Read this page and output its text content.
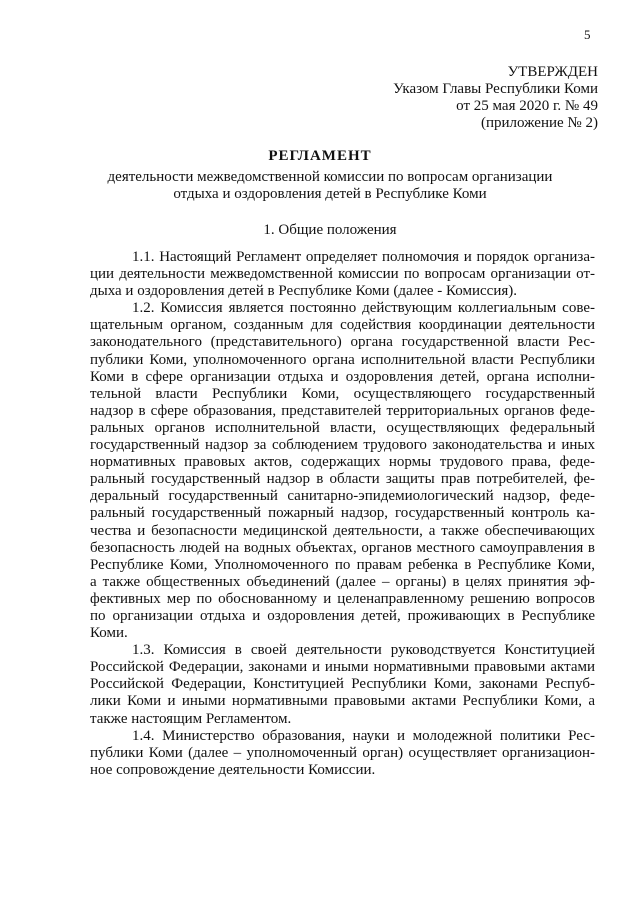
5
УТВЕРЖДЕН
Указом Главы Республики Коми
от 25 мая 2020 г. № 49
(приложение № 2)
РЕГЛАМЕНТ
деятельности межведомственной комиссии по вопросам организации
отдыха и оздоровления детей в Республике Коми
1. Общие положения
1.1. Настоящий Регламент определяет полномочия и порядок организа-
ции деятельности межведомственной комиссии по вопросам организации от-
дыха и оздоровления детей в Республике Коми (далее - Комиссия).
1.2. Комиссия является постоянно действующим коллегиальным сове-
щательным органом, созданным для содействия координации деятельности
законодательного (представительного) органа государственной власти Рес-
публики Коми, уполномоченного органа исполнительной власти Республики
Коми в сфере организации отдыха и оздоровления детей, органа исполни-
тельной власти Республики Коми, осуществляющего государственный
надзор в сфере образования, представителей территориальных органов феде-
ральных органов исполнительной власти, осуществляющих федеральный
государственный надзор за соблюдением трудового законодательства и иных
нормативных правовых актов, содержащих нормы трудового права, феде-
ральный государственный надзор в области защиты прав потребителей, фе-
деральный государственный санитарно-эпидемиологический надзор, феде-
ральный государственный пожарный надзор, государственный контроль ка-
чества и безопасности медицинской деятельности, а также обеспечивающих
безопасность людей на водных объектах, органов местного самоуправления в
Республике Коми, Уполномоченного по правам ребенка в Республике Коми,
а также общественных объединений (далее – органы) в целях принятия эф-
фективных мер по обоснованному и целенаправленному решению вопросов
по организации отдыха и оздоровления детей, проживающих в Республике
Коми.
1.3. Комиссия в своей деятельности руководствуется Конституцией
Российской Федерации, законами и иными нормативными правовыми актами
Российской Федерации, Конституцией Республики Коми, законами Респуб-
лики Коми и иными нормативными правовыми актами Республики Коми, а
также настоящим Регламентом.
1.4. Министерство образования, науки и молодежной политики Рес-
публики Коми (далее – уполномоченный орган) осуществляет организацион-
ное сопровождение деятельности Комиссии.
